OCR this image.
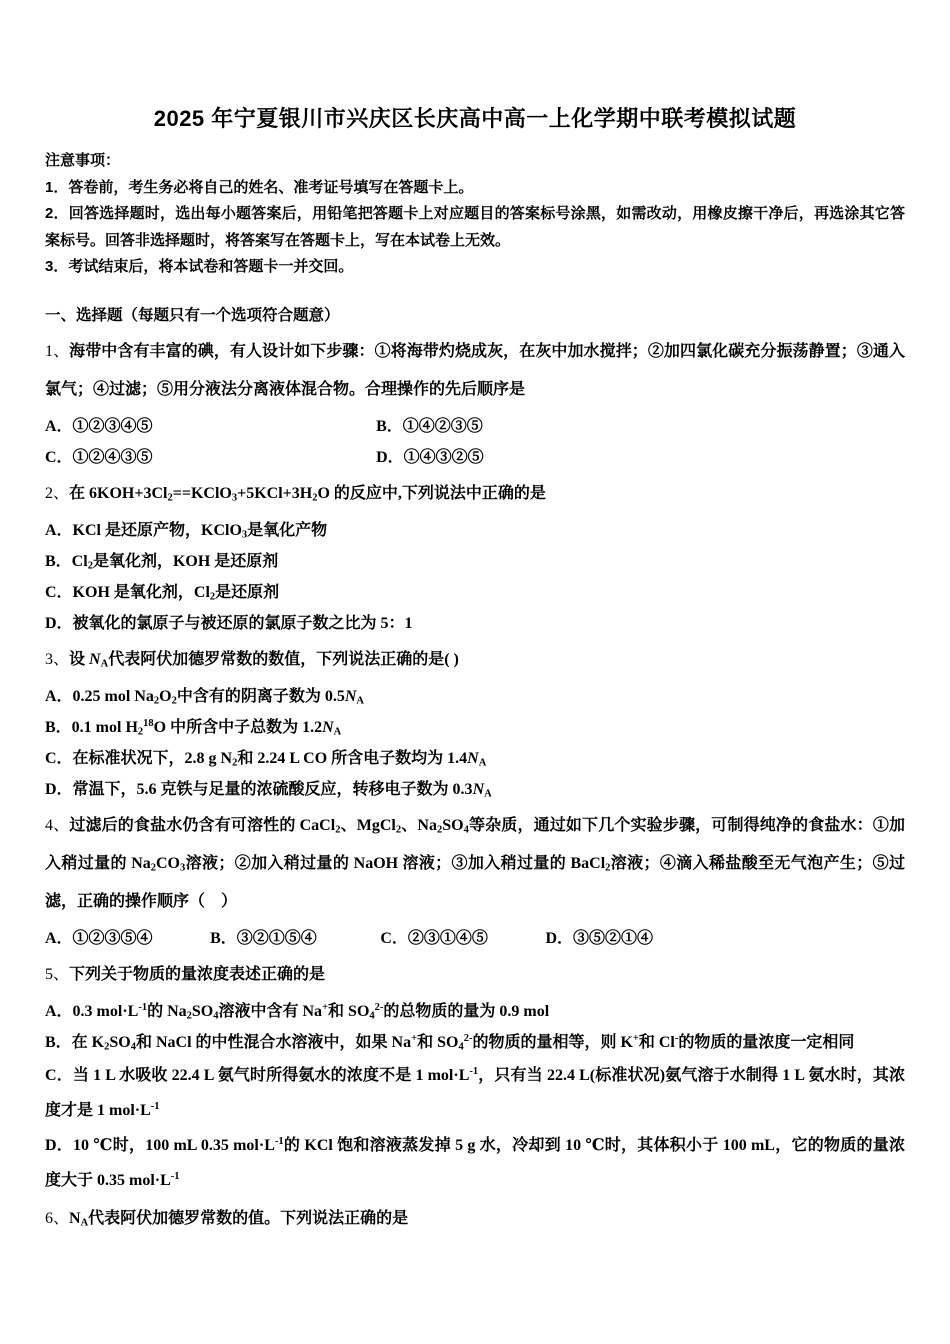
2025 年宁夏银川市兴庆区长庆高中高一上化学期中联考模拟试题

注意事项：

1．答卷前，考生务必将自己的姓名、准考证号填写在答题卡上。

2．回答选择题时，选出每小题答案后，用铅笔把答题卡上对应题目的答案标号涂黑，如需改动，用橡皮擦干净后，再选涂其它答案标号。回答非选择题时，将答案写在答题卡上，写在本试卷上无效。

3．考试结束后，将本试卷和答题卡一并交回。

一、选择题（每题只有一个选项符合题意）

1、海带中含有丰富的碘，有人设计如下步骤：①将海带灼烧成灰，在灰中加水搅拌；②加四氯化碳充分振荡静置；③通入氯气；④过滤；⑤用分液法分离液体混合物。合理操作的先后顺序是

A．①②③④⑤	B．①④②③⑤

C．①②④③⑤	D．①④③②⑤

2、在 $6KOH+3Cl_2==KClO_3+5KCl+3H_2O$ 的反应中,下列说法中正确的是

A．KCl 是还原产物，KClO$_3$是氧化产物

B．$Cl_2$是氧化剂，KOH 是还原剂

C．KOH 是氧化剂，$Cl_2$是还原剂

D．被氧化的氯原子与被还原的氯原子数之比为 5：1

3、设 $N_A$代表阿伏加德罗常数的数值，下列说法正确的是( )

A．0.25 mol $Na_2O_2$中含有的阴离子数为 $0.5N_A$

B．0.1 mol $H_2^{18}O$ 中所含中子总数为 $1.2N_A$

C．在标准状况下，2.8 g $N_2$和 2.24 L CO 所含电子数均为 $1.4N_A$

D．常温下，5.6 克铁与足量的浓硫酸反应，转移电子数为 $0.3N_A$

4、过滤后的食盐水仍含有可溶性的 CaCl$_2$、MgCl$_2$、$Na_2SO_4$等杂质，通过如下几个实验步骤，可制得纯净的食盐水：①加入稍过量的 $Na_2CO_3$溶液；②加入稍过量的 NaOH 溶液；③加入稍过量的 BaCl$_2$溶液；④滴入稀盐酸至无气泡产生；⑤过滤，正确的操作顺序（　）

A．①②③⑤④	B．③②①⑤④	C．②③①④⑤	D．③⑤②①④

5、下列关于物质的量浓度表述正确的是

A．0.3 $mol\cdot L^{-1}$的 $Na_2SO_4$溶液中含有 Na+和 $SO_4^{2-}$的总物质的量为 0.9 mol

B．在 $K_2SO_4$和 NaCl 的中性混合水溶液中，如果 Na+和 $SO_4^{2-}$的物质的量相等，则 K+和 Cl-的物质的量浓度一定相同

C．当 1 L 水吸收 22.4 L 氨气时所得氨水的浓度不是 1 $mol\cdot L^{-1}$，只有当 22.4 L(标准状况)氨气溶于水制得 1 L 氨水时，其浓度才是 1 $mol\cdot L^{-1}$

D．10 ℃时，100 mL 0.35 $mol\cdot L^{-1}$的 KCl 饱和溶液蒸发掉 5 g 水，冷却到 10 ℃时，其体积小于 100 mL，它的物质的量浓度大于 0.35 $mol\cdot L^{-1}$

6、$N_A$代表阿伏加德罗常数的值。下列说法正确的是
